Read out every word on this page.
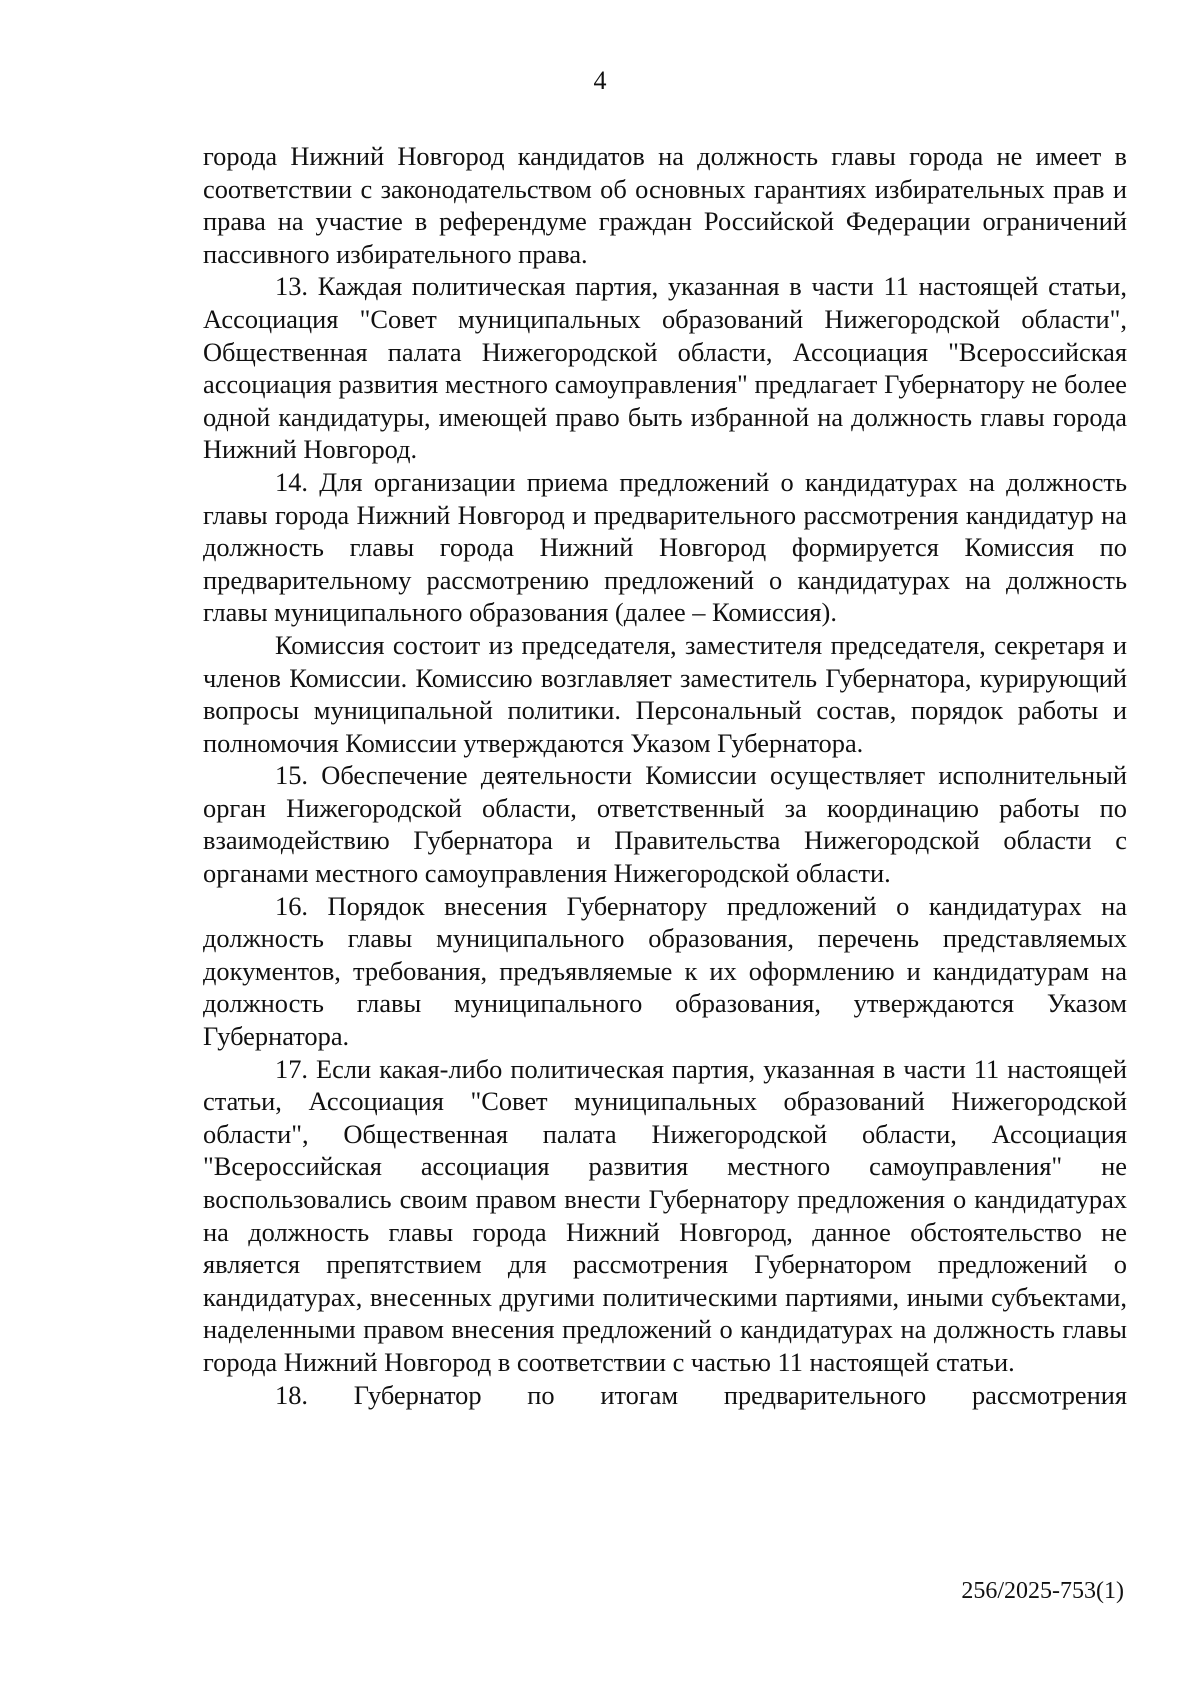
4

города Нижний Новгород кандидатов на должность главы города не имеет в соответствии с законодательством об основных гарантиях избирательных прав и права на участие в референдуме граждан Российской Федерации ограничений пассивного избирательного права.

13. Каждая политическая партия, указанная в части 11 настоящей статьи, Ассоциация "Совет муниципальных образований Нижегородской области", Общественная палата Нижегородской области, Ассоциация "Всероссийская ассоциация развития местного самоуправления" предлагает Губернатору не более одной кандидатуры, имеющей право быть избранной на должность главы города Нижний Новгород.

14. Для организации приема предложений о кандидатурах на должность главы города Нижний Новгород и предварительного рассмотрения кандидатур на должность главы города Нижний Новгород формируется Комиссия по предварительному рассмотрению предложений о кандидатурах на должность главы муниципального образования (далее – Комиссия).

Комиссия состоит из председателя, заместителя председателя, секретаря и членов Комиссии. Комиссию возглавляет заместитель Губернатора, курирующий вопросы муниципальной политики. Персональный состав, порядок работы и полномочия Комиссии утверждаются Указом Губернатора.

15. Обеспечение деятельности Комиссии осуществляет исполнительный орган Нижегородской области, ответственный за координацию работы по взаимодействию Губернатора и Правительства Нижегородской области с органами местного самоуправления Нижегородской области.

16. Порядок внесения Губернатору предложений о кандидатурах на должность главы муниципального образования, перечень представляемых документов, требования, предъявляемые к их оформлению и кандидатурам на должность главы муниципального образования, утверждаются Указом Губернатора.

17. Если какая-либо политическая партия, указанная в части 11 настоящей статьи, Ассоциация "Совет муниципальных образований Нижегородской области", Общественная палата Нижегородской области, Ассоциация "Всероссийская ассоциация развития местного самоуправления" не воспользовались своим правом внести Губернатору предложения о кандидатурах на должность главы города Нижний Новгород, данное обстоятельство не является препятствием для рассмотрения Губернатором предложений о кандидатурах, внесенных другими политическими партиями, иными субъектами, наделенными правом внесения предложений о кандидатурах на должность главы города Нижний Новгород в соответствии с частью 11 настоящей статьи.

18. Губернатор по итогам предварительного рассмотрения

256/2025-753(1)
